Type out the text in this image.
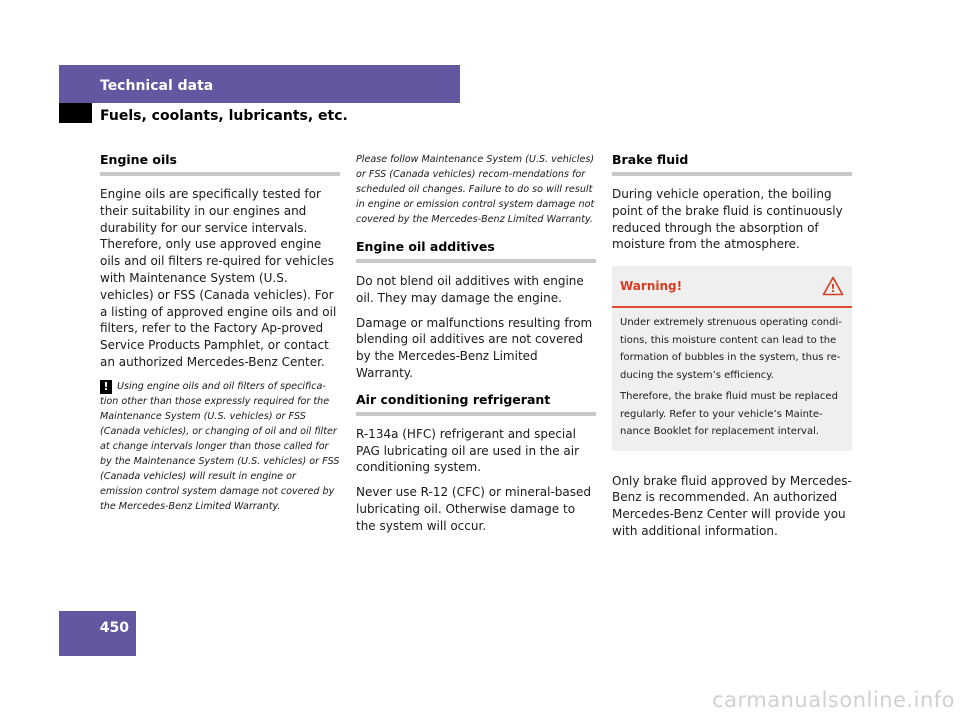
Technical data
Fuels, coolants, lubricants, etc.
Engine oils

Engine oils are specifically tested for their suitability in our engines and durability for our service intervals. Therefore, only use approved engine oils and oil filters re-quired for vehicles with Maintenance System (U.S. vehicles) or FSS (Canada vehicles). For a listing of approved engine oils and oil filters, refer to the Factory Ap-proved Service Products Pamphlet, or contact an authorized Mercedes-Benz Center.

! Using engine oils and oil filters of specifica-tion other than those expressly required for the Maintenance System (U.S. vehicles) or FSS (Canada vehicles), or changing of oil and oil filter at change intervals longer than those called for by the Maintenance System (U.S. vehicles) or FSS (Canada vehicles) will result in engine or emission control system damage not covered by the Mercedes-Benz Limited Warranty.

Please follow Maintenance System (U.S. vehicles) or FSS (Canada vehicles) recom-mendations for scheduled oil changes. Failure to do so will result in engine or emission control system damage not covered by the Mercedes-Benz Limited Warranty.

Engine oil additives

Do not blend oil additives with engine oil. They may damage the engine.

Damage or malfunctions resulting from blending oil additives are not covered by the Mercedes-Benz Limited Warranty.

Air conditioning refrigerant

R-134a (HFC) refrigerant and special PAG lubricating oil are used in the air conditioning system.

Never use R-12 (CFC) or mineral-based lubricating oil. Otherwise damage to the system will occur.

Brake fluid

During vehicle operation, the boiling point of the brake fluid is continuously reduced through the absorption of moisture from the atmosphere.

Warning!	!

Under extremely strenuous operating condi-tions, this moisture content can lead to the formation of bubbles in the system, thus re-ducing the system’s efficiency.

Therefore, the brake fluid must be replaced regularly. Refer to your vehicle’s Mainte-nance Booklet for replacement interval.

Only brake fluid approved by Mercedes-Benz is recommended. An authorized Mercedes-Benz Center will provide you with additional information.

450
carmanualsonline.info
